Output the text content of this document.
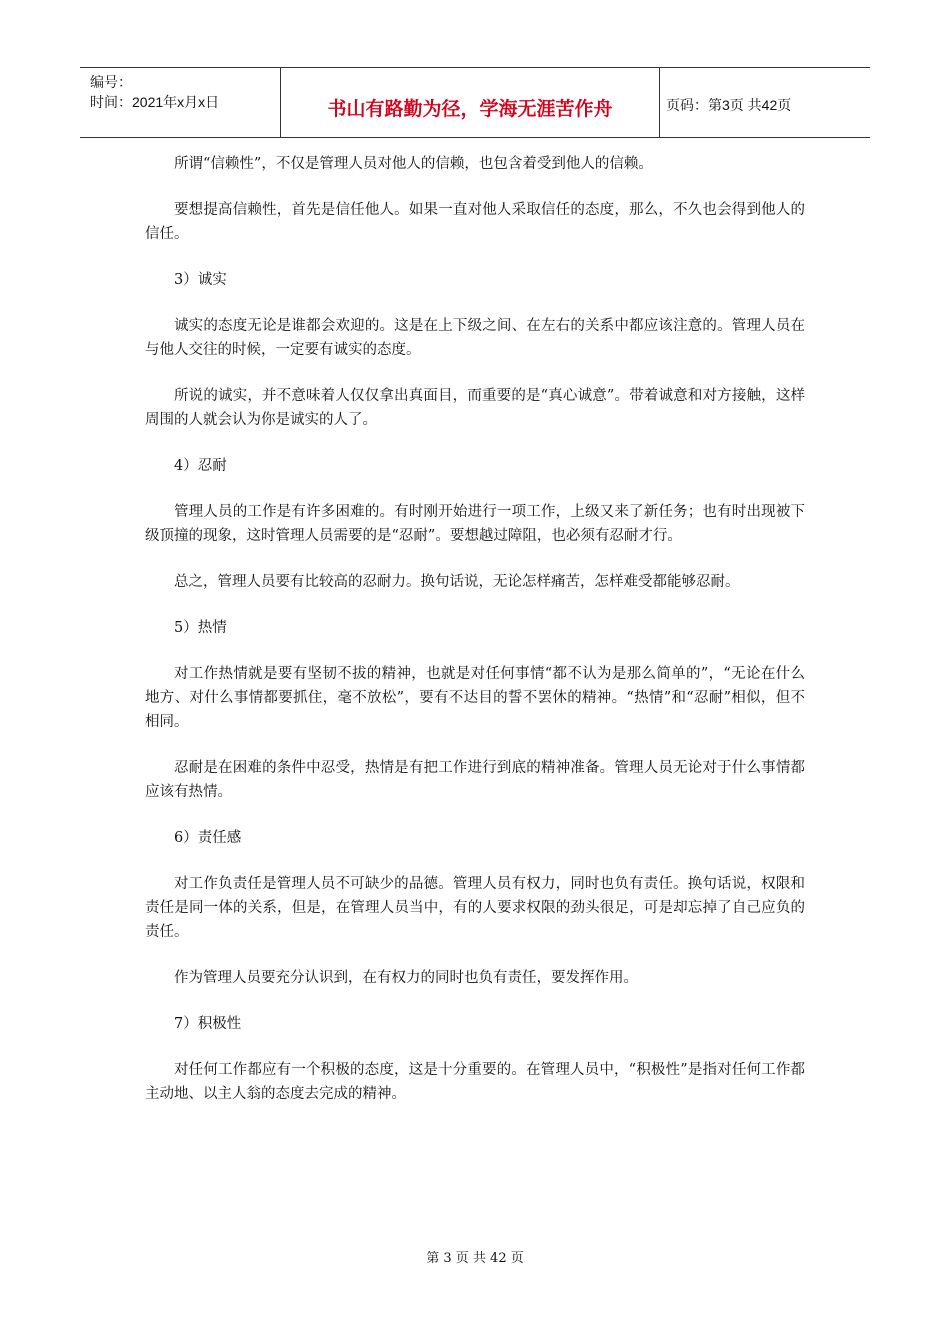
编号：
时间：2021年x月x日	书山有路勤为径，学海无涯苦作舟	页码：第3页 共42页

所谓“信赖性”，不仅是管理人员对他人的信赖，也包含着受到他人的信赖。

要想提高信赖性，首先是信任他人。如果一直对他人采取信任的态度，那么，不久也会得到他人的信任。

3）诚实

诚实的态度无论是谁都会欢迎的。这是在上下级之间、在左右的关系中都应该注意的。管理人员在与他人交往的时候，一定要有诚实的态度。

所说的诚实，并不意味着人仅仅拿出真面目，而重要的是“真心诚意”。带着诚意和对方接触，这样周围的人就会认为你是诚实的人了。

4）忍耐

管理人员的工作是有许多困难的。有时刚开始进行一项工作，上级又来了新任务；也有时出现被下级顶撞的现象，这时管理人员需要的是“忍耐”。要想越过障阻，也必须有忍耐才行。

总之，管理人员要有比较高的忍耐力。换句话说，无论怎样痛苦，怎样难受都能够忍耐。

5）热情

对工作热情就是要有坚韧不拔的精神，也就是对任何事情“都不认为是那么简单的”，“无论在什么地方、对什么事情都要抓住，毫不放松”，要有不达目的誓不罢休的精神。“热情”和“忍耐”相似，但不相同。

忍耐是在困难的条件中忍受，热情是有把工作进行到底的精神准备。管理人员无论对于什么事情都应该有热情。

6）责任感

对工作负责任是管理人员不可缺少的品德。管理人员有权力，同时也负有责任。换句话说，权限和责任是同一体的关系，但是，在管理人员当中，有的人要求权限的劲头很足，可是却忘掉了自己应负的责任。

作为管理人员要充分认识到，在有权力的同时也负有责任，要发挥作用。

7）积极性

对任何工作都应有一个积极的态度，这是十分重要的。在管理人员中，“积极性”是指对任何工作都主动地、以主人翁的态度去完成的精神。

第 3 页 共 42 页
